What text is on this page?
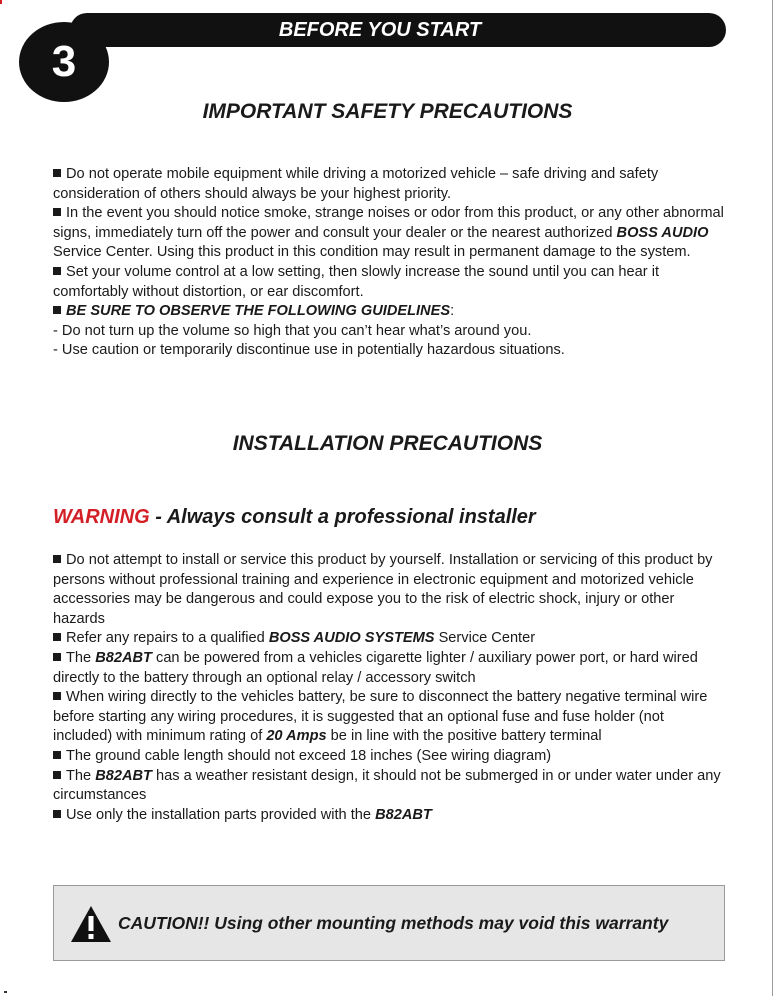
BEFORE YOU START
3
IMPORTANT SAFETY PRECAUTIONS

Do not operate mobile equipment while driving a motorized vehicle – safe driving and safety consideration of others should always be your highest priority.

In the event you should notice smoke, strange noises or odor from this product, or any other abnormal signs, immediately turn off the power and consult your dealer or the nearest authorized BOSS AUDIO Service Center. Using this product in this condition may result in permanent damage to the system.

Set your volume control at a low setting, then slowly increase the sound until you can hear it comfortably without distortion, or ear discomfort.

BE SURE TO OBSERVE THE FOLLOWING GUIDELINES:

- Do not turn up the volume so high that you can’t hear what’s around you.

- Use caution or temporarily discontinue use in potentially hazardous situations.

INSTALLATION PRECAUTIONS
WARNING - Always consult a professional installer

Do not attempt to install or service this product by yourself. Installation or servicing of this product by persons without professional training and experience in electronic equipment and motorized vehicle accessories may be dangerous and could expose you to the risk of electric shock, injury or other hazards

Refer any repairs to a qualified BOSS AUDIO SYSTEMS Service Center

The B82ABT can be powered from a vehicles cigarette lighter / auxiliary power port, or hard wired directly to the battery through an optional relay / accessory switch

When wiring directly to the vehicles battery, be sure to disconnect the battery negative terminal wire before starting any wiring procedures, it is suggested that an optional fuse and fuse holder (not included) with minimum rating of 20 Amps be in line with the positive battery terminal

The ground cable length should not exceed 18 inches (See wiring diagram)

The B82ABT has a weather resistant design, it should not be submerged in or under water under any circumstances

Use only the installation parts provided with the B82ABT

CAUTION!! Using other mounting methods may void this warranty
